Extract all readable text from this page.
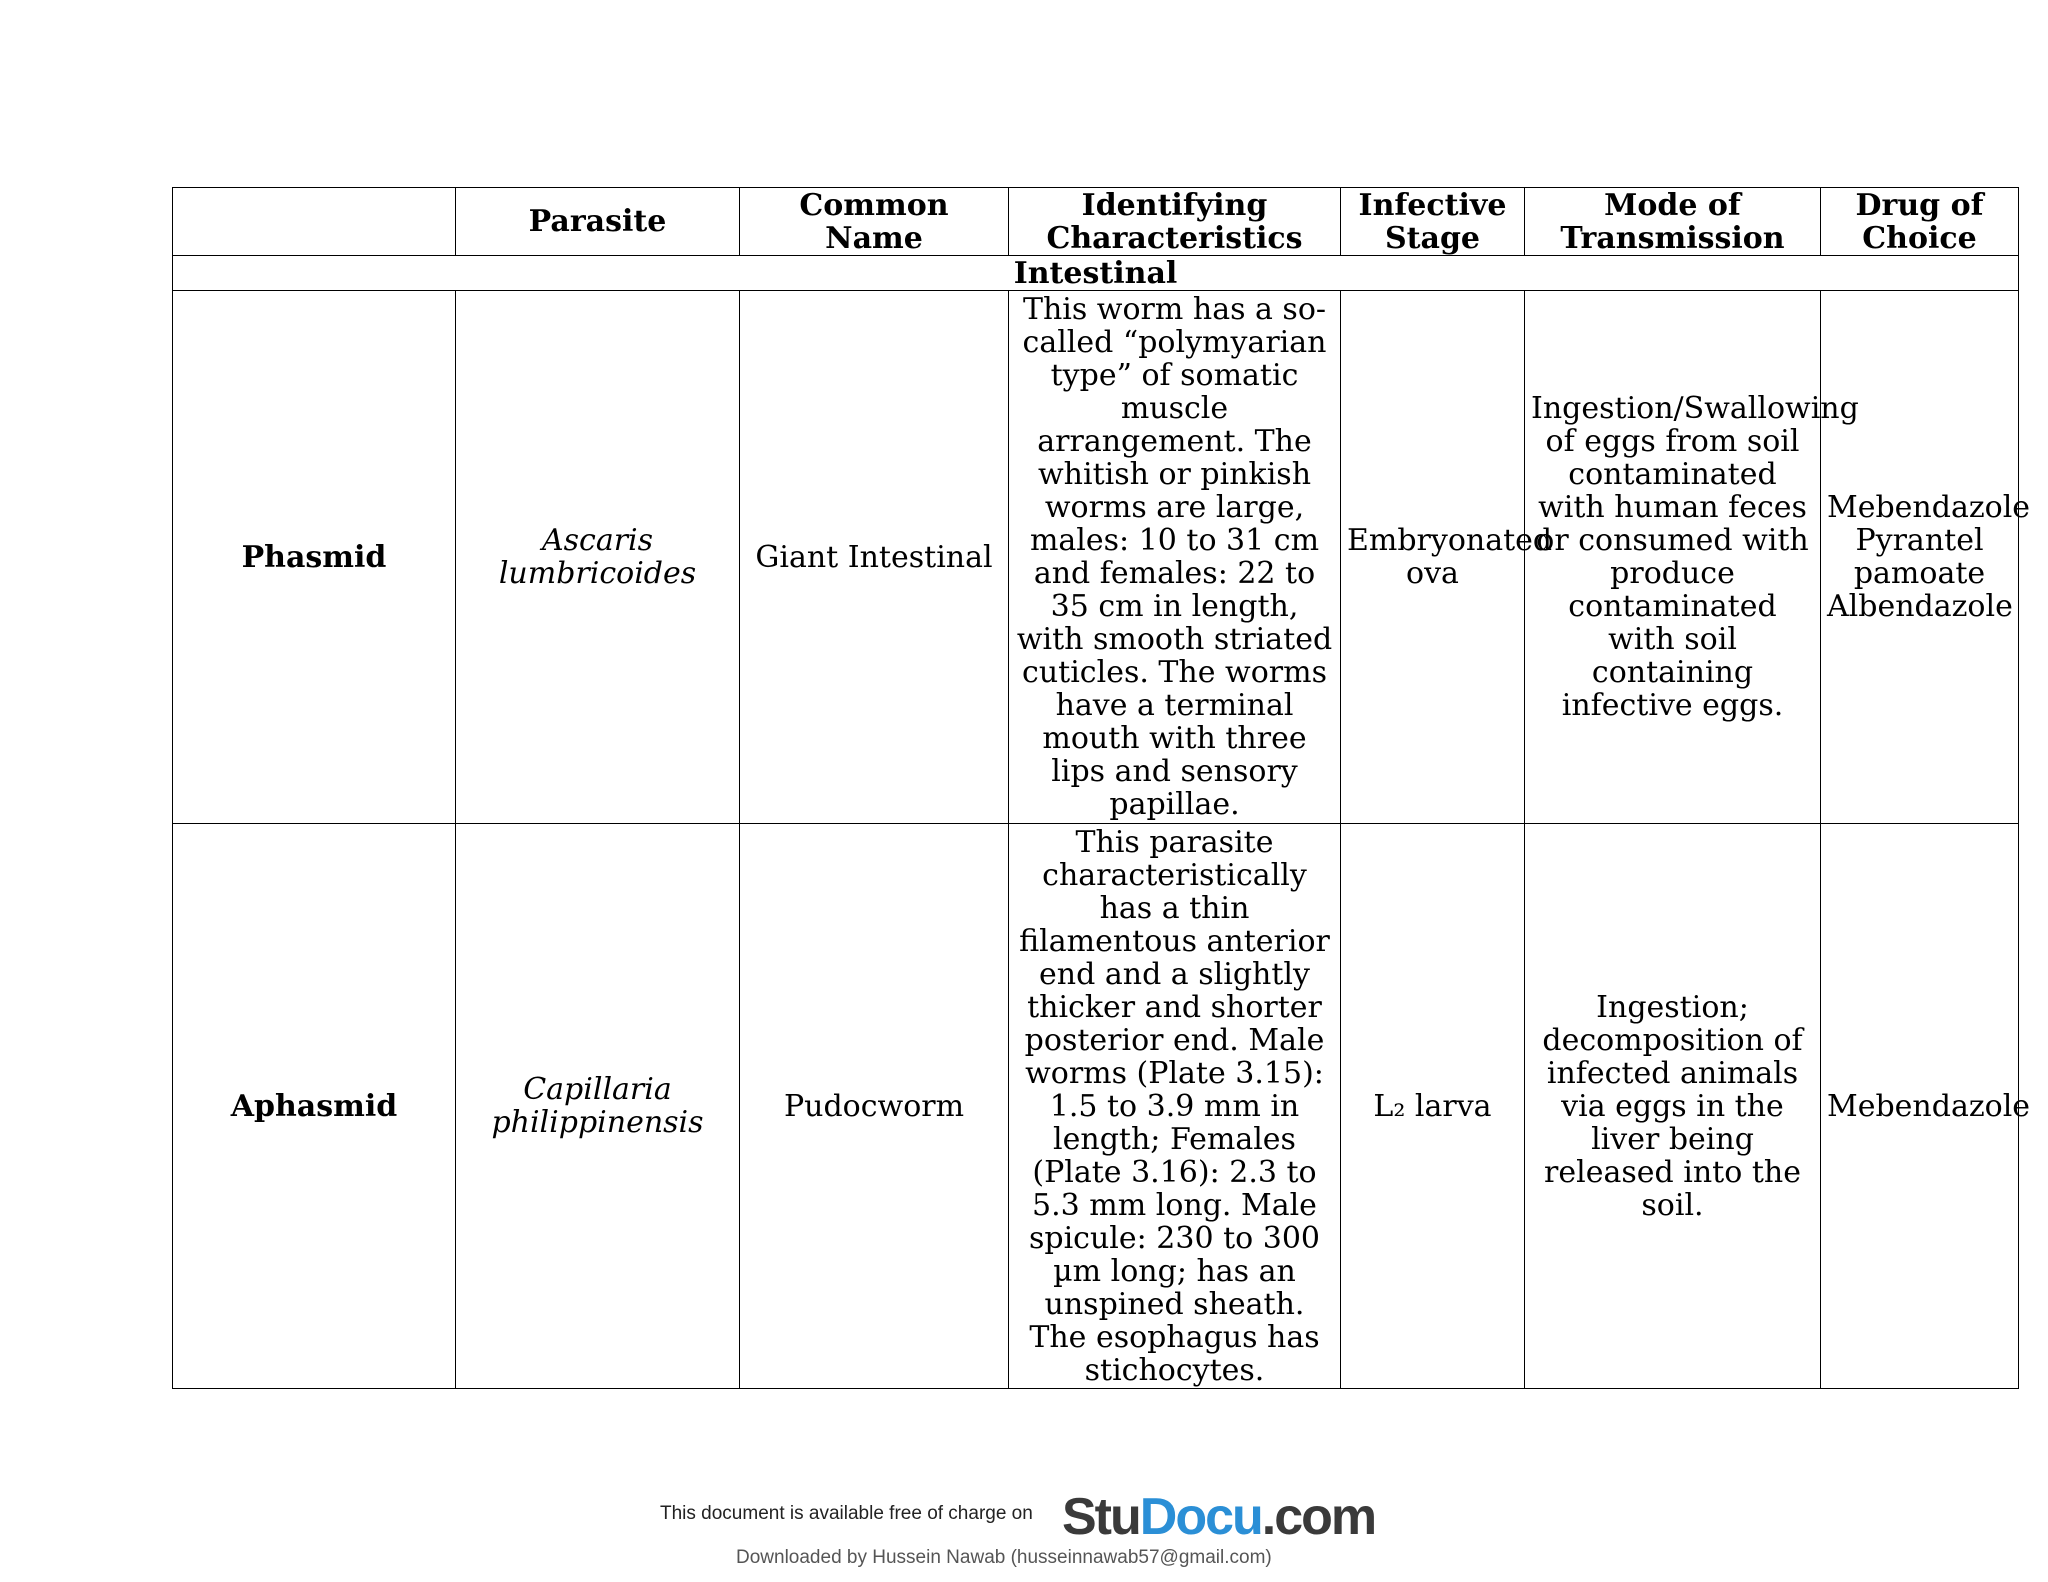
	Parasite	Common Name	Identifying Characteristics	Infective Stage	Mode of Transmission	Drug of Choice
Intestinal						
Phasmid	Ascaris lumbricoides	Giant Intestinal	This worm has a so-called “polymyarian type” of somatic muscle arrangement. The whitish or pinkish worms are large, males: 10 to 31 cm and females: 22 to 35 cm in length, with smooth striated cuticles. The worms have a terminal mouth with three lips and sensory papillae.	Embryonated ova	Ingestion/Swallowing of eggs from soil contaminated with human feces or consumed with produce contaminated with soil containing infective eggs.	Mebendazole Pyrantel pamoate Albendazole
Aphasmid	Capillaria philippinensis	Pudocworm	This parasite characteristically has a thin filamentous anterior end and a slightly thicker and shorter posterior end. Male worms (Plate 3.15): 1.5 to 3.9 mm in length; Females (Plate 3.16): 2.3 to 5.3 mm long. Male spicule: 230 to 300 µm long; has an unspined sheath. The esophagus has stichocytes.	L₂ larva	Ingestion; decomposition of infected animals via eggs in the liver being released into the soil.	Mebendazole
This document is available free of charge on StuDocu.com
Downloaded by Hussein Nawab (husseinnawab57@gmail.com)
